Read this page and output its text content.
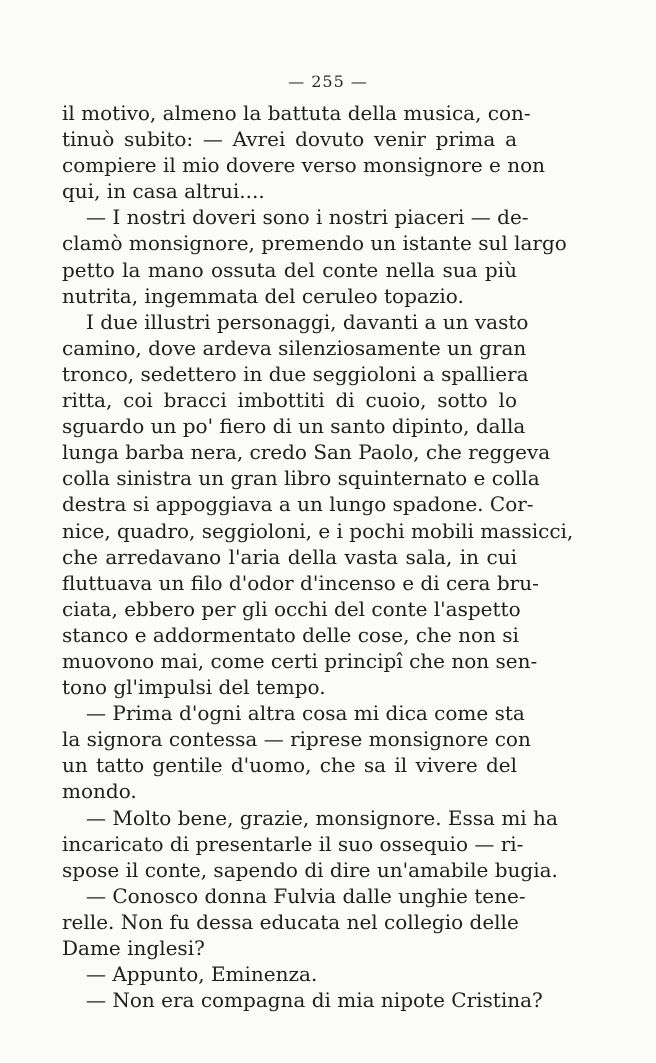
— 255 —
il motivo, almeno la battuta della musica, con-
tinuò subito: — Avrei dovuto venir prima a
compiere il mio dovere verso monsignore e non
qui, in casa altrui....
— I nostri doveri sono i nostri piaceri — de-
clamò monsignore, premendo un istante sul largo
petto la mano ossuta del conte nella sua più
nutrita, ingemmata del ceruleo topazio.
I due illustri personaggi, davanti a un vasto
camino, dove ardeva silenziosamente un gran
tronco, sedettero in due seggioloni a spalliera
ritta, coi bracci imbottiti di cuoio, sotto lo
sguardo un po' fiero di un santo dipinto, dalla
lunga barba nera, credo San Paolo, che reggeva
colla sinistra un gran libro squinternato e colla
destra si appoggiava a un lungo spadone. Cor-
nice, quadro, seggioloni, e i pochi mobili massicci,
che arredavano l'aria della vasta sala, in cui
fluttuava un filo d'odor d'incenso e di cera bru-
ciata, ebbero per gli occhi del conte l'aspetto
stanco e addormentato delle cose, che non si
muovono mai, come certi principî che non sen-
tono gl'impulsi del tempo.
— Prima d'ogni altra cosa mi dica come sta
la signora contessa — riprese monsignore con
un tatto gentile d'uomo, che sa il vivere del
mondo.
— Molto bene, grazie, monsignore. Essa mi ha
incaricato di presentarle il suo ossequio — ri-
spose il conte, sapendo di dire un'amabile bugia.
— Conosco donna Fulvia dalle unghie tene-
relle. Non fu dessa educata nel collegio delle
Dame inglesi?
— Appunto, Eminenza.
— Non era compagna di mia nipote Cristina?
